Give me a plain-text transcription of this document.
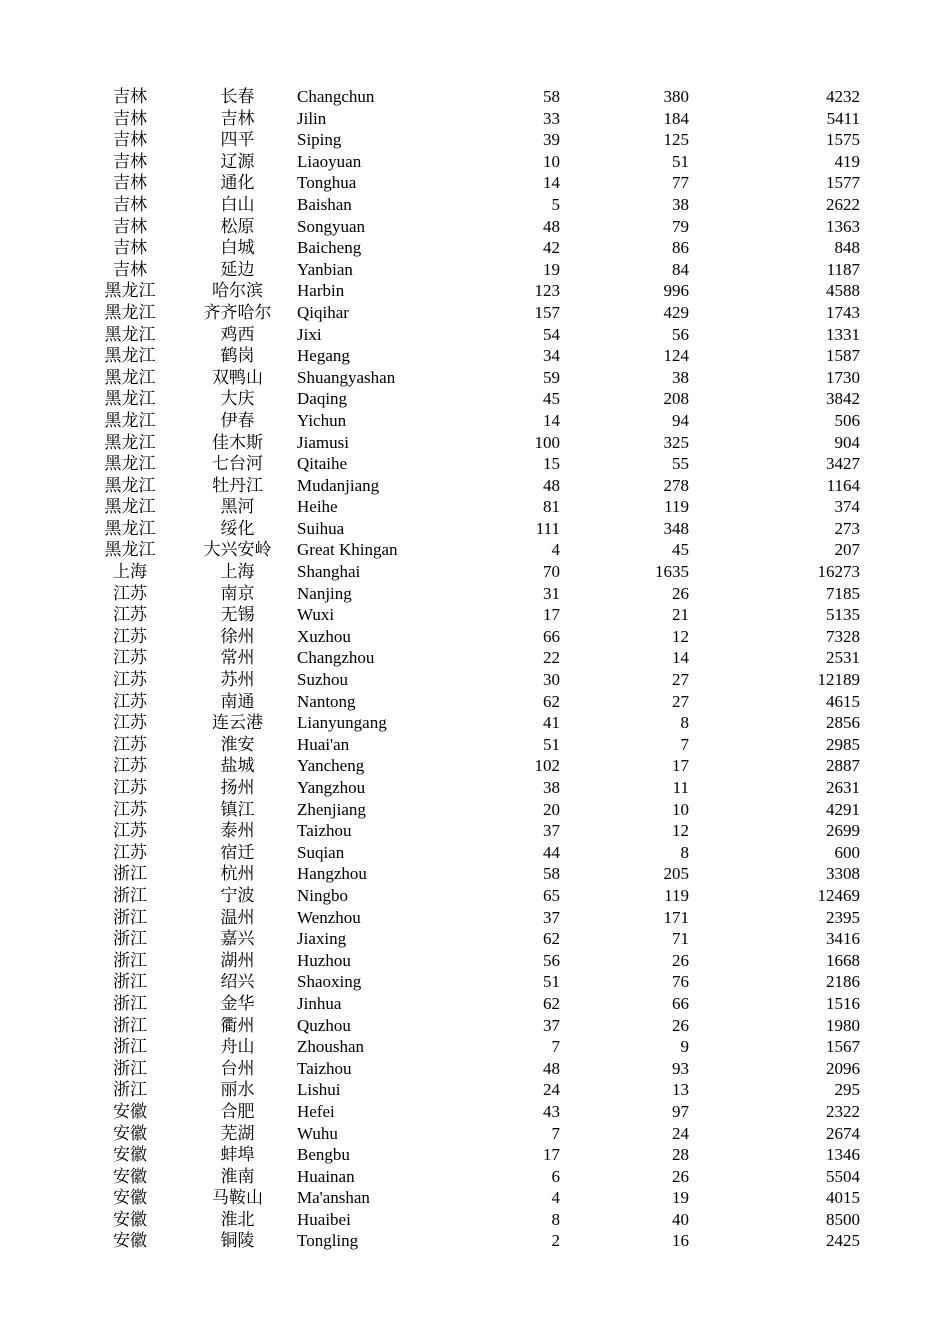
吉林	长春	Changchun	58	380	4232
吉林	吉林	Jilin	33	184	5411
吉林	四平	Siping	39	125	1575
吉林	辽源	Liaoyuan	10	51	419
吉林	通化	Tonghua	14	77	1577
吉林	白山	Baishan	5	38	2622
吉林	松原	Songyuan	48	79	1363
吉林	白城	Baicheng	42	86	848
吉林	延边	Yanbian	19	84	1187
黑龙江	哈尔滨	Harbin	123	996	4588
黑龙江	齐齐哈尔	Qiqihar	157	429	1743
黑龙江	鸡西	Jixi	54	56	1331
黑龙江	鹤岗	Hegang	34	124	1587
黑龙江	双鸭山	Shuangyashan	59	38	1730
黑龙江	大庆	Daqing	45	208	3842
黑龙江	伊春	Yichun	14	94	506
黑龙江	佳木斯	Jiamusi	100	325	904
黑龙江	七台河	Qitaihe	15	55	3427
黑龙江	牡丹江	Mudanjiang	48	278	1164
黑龙江	黑河	Heihe	81	119	374
黑龙江	绥化	Suihua	111	348	273
黑龙江	大兴安岭	Great Khingan	4	45	207
上海	上海	Shanghai	70	1635	16273
江苏	南京	Nanjing	31	26	7185
江苏	无锡	Wuxi	17	21	5135
江苏	徐州	Xuzhou	66	12	7328
江苏	常州	Changzhou	22	14	2531
江苏	苏州	Suzhou	30	27	12189
江苏	南通	Nantong	62	27	4615
江苏	连云港	Lianyungang	41	8	2856
江苏	淮安	Huai'an	51	7	2985
江苏	盐城	Yancheng	102	17	2887
江苏	扬州	Yangzhou	38	11	2631
江苏	镇江	Zhenjiang	20	10	4291
江苏	泰州	Taizhou	37	12	2699
江苏	宿迁	Suqian	44	8	600
浙江	杭州	Hangzhou	58	205	3308
浙江	宁波	Ningbo	65	119	12469
浙江	温州	Wenzhou	37	171	2395
浙江	嘉兴	Jiaxing	62	71	3416
浙江	湖州	Huzhou	56	26	1668
浙江	绍兴	Shaoxing	51	76	2186
浙江	金华	Jinhua	62	66	1516
浙江	衢州	Quzhou	37	26	1980
浙江	舟山	Zhoushan	7	9	1567
浙江	台州	Taizhou	48	93	2096
浙江	丽水	Lishui	24	13	295
安徽	合肥	Hefei	43	97	2322
安徽	芜湖	Wuhu	7	24	2674
安徽	蚌埠	Bengbu	17	28	1346
安徽	淮南	Huainan	6	26	5504
安徽	马鞍山	Ma'anshan	4	19	4015
安徽	淮北	Huaibei	8	40	8500
安徽	铜陵	Tongling	2	16	2425
